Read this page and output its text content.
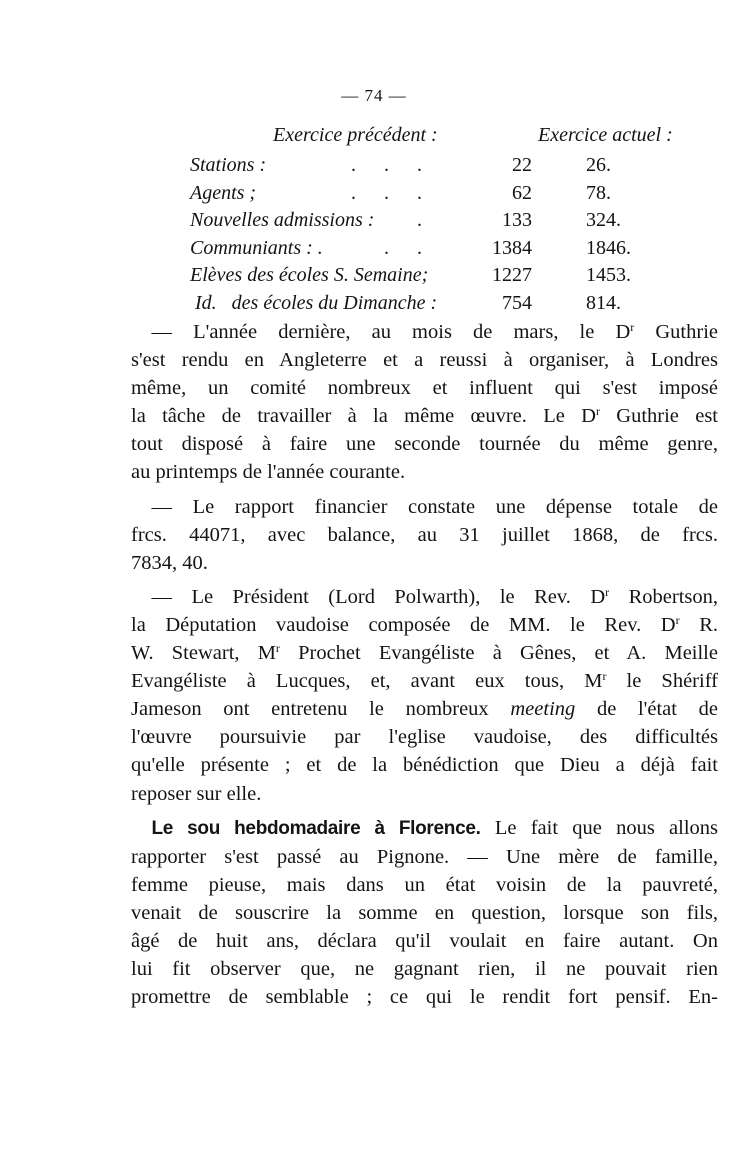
— 74 —
Exercice précédent :	Exercice actuel :
Stations :	...	22	26.
Agents ;	...	62	78.
Nouvelles admissions :	.	133	324.
Communiants : .	..	1384	1846.
Elèves des écoles S. Semaine;	1227	1453.
Id.   des écoles du Dimanche :	754	814.
 — L'année dernière, au mois de mars, le $D^r$ Guthrie
s'est rendu en Angleterre et a reussi à organiser, à Londres
même, un comité nombreux et influent qui s'est imposé
la tâche de travailler à la même œuvre. Le $D^r$ Guthrie est
tout disposé à faire une seconde tournée du même genre,
au printemps de l'année courante.
 — Le rapport financier constate une dépense totale de
frcs. 44071, avec balance, au 31 juillet 1868, de frcs.
7834, 40.
 — Le Président (Lord Polwarth), le Rev. $D^r$ Robertson,
la Députation vaudoise composée de MM. le Rev. $D^r$ R.
W. Stewart, $M^r$ Prochet Evangéliste à Gênes, et A. Meille
Evangéliste à Lucques, et, avant eux tous, $M^r$ le Shériff
Jameson ont entretenu le nombreux meeting de l'état de
l'œuvre poursuivie par l'eglise vaudoise, des difficultés
qu'elle présente ; et de la bénédiction que Dieu a déjà fait
reposer sur elle.
 Le sou hebdomadaire à Florence. Le fait que nous allons
rapporter s'est passé au Pignone. — Une mère de famille,
femme pieuse, mais dans un état voisin de la pauvreté,
venait de souscrire la somme en question, lorsque son fils,
âgé de huit ans, déclara qu'il voulait en faire autant. On
lui fit observer que, ne gagnant rien, il ne pouvait rien
promettre de semblable ; ce qui le rendit fort pensif. En-
